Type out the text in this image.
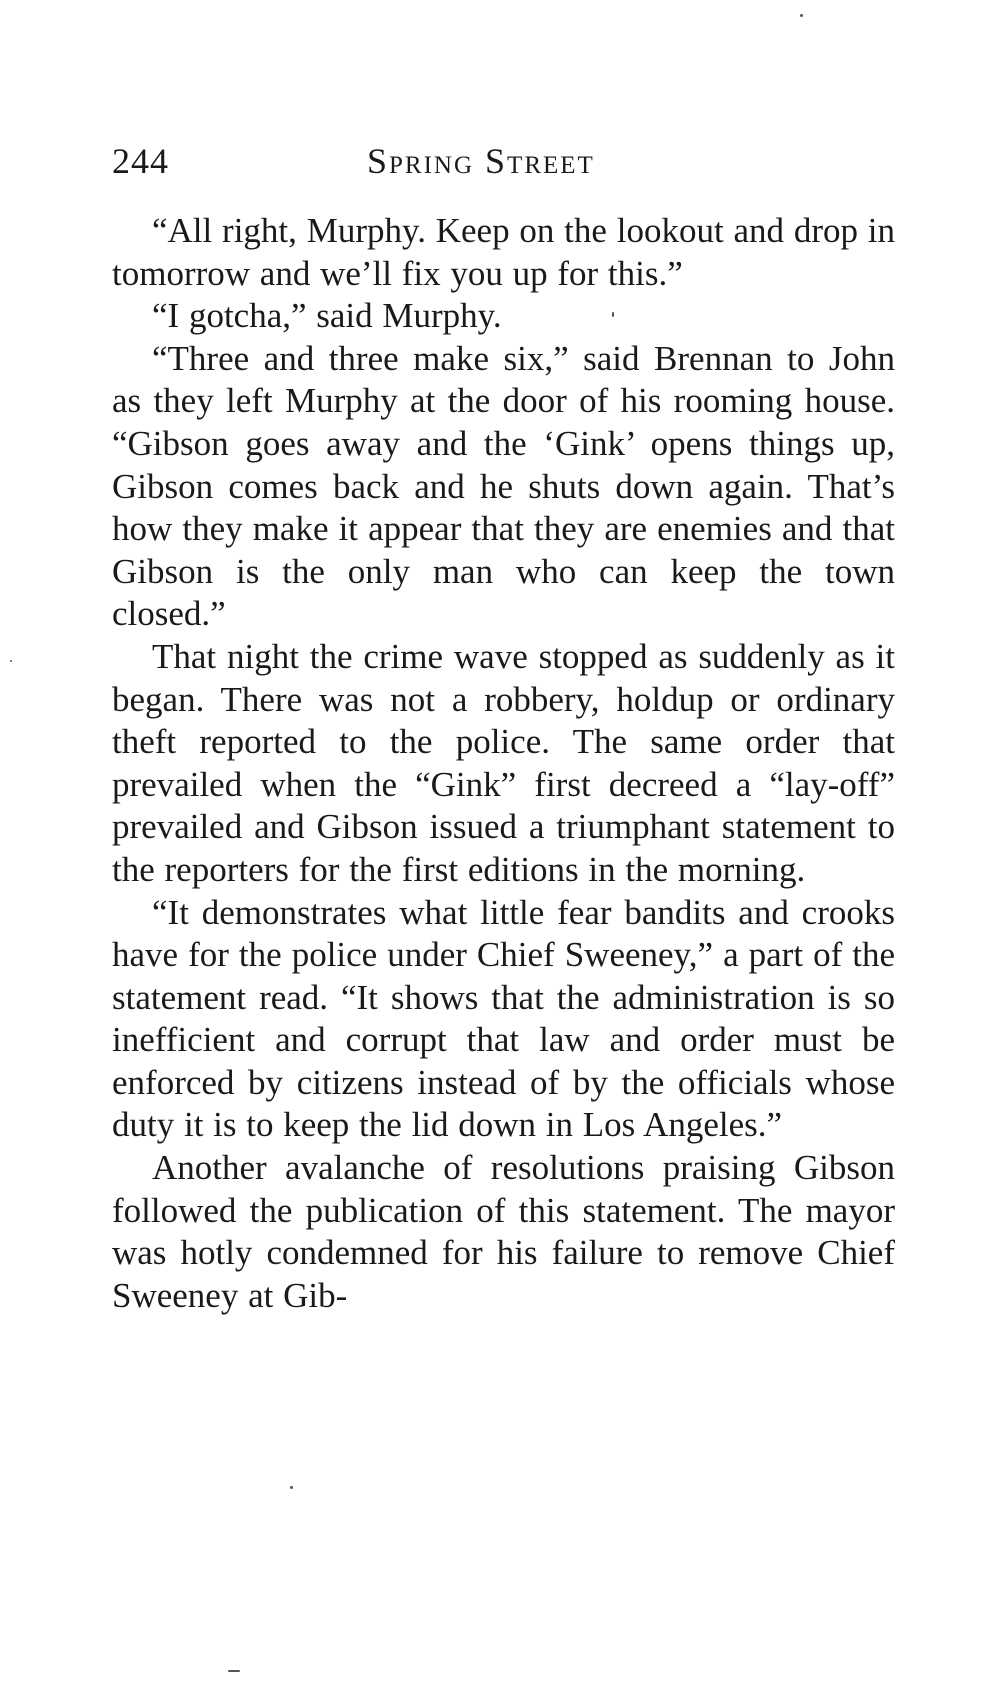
244	Spring Street

“All right, Murphy. Keep on the lookout and drop in tomorrow and we’ll fix you up for this.”

“I gotcha,” said Murphy.

“Three and three make six,” said Brennan to John as they left Murphy at the door of his rooming house. “Gibson goes away and the ‘Gink’ opens things up, Gibson comes back and he shuts down again. That’s how they make it appear that they are enemies and that Gibson is the only man who can keep the town closed.”

That night the crime wave stopped as suddenly as it began. There was not a robbery, holdup or ordinary theft reported to the police. The same order that prevailed when the “Gink” first decreed a “lay-off” prevailed and Gibson issued a triumphant statement to the reporters for the first editions in the morning.

“It demonstrates what little fear bandits and crooks have for the police under Chief Sweeney,” a part of the statement read. “It shows that the administration is so inefficient and corrupt that law and order must be enforced by citizens instead of by the officials whose duty it is to keep the lid down in Los Angeles.”

Another avalanche of resolutions praising Gibson followed the publication of this statement. The mayor was hotly condemned for his failure to remove Chief Sweeney at Gib-
